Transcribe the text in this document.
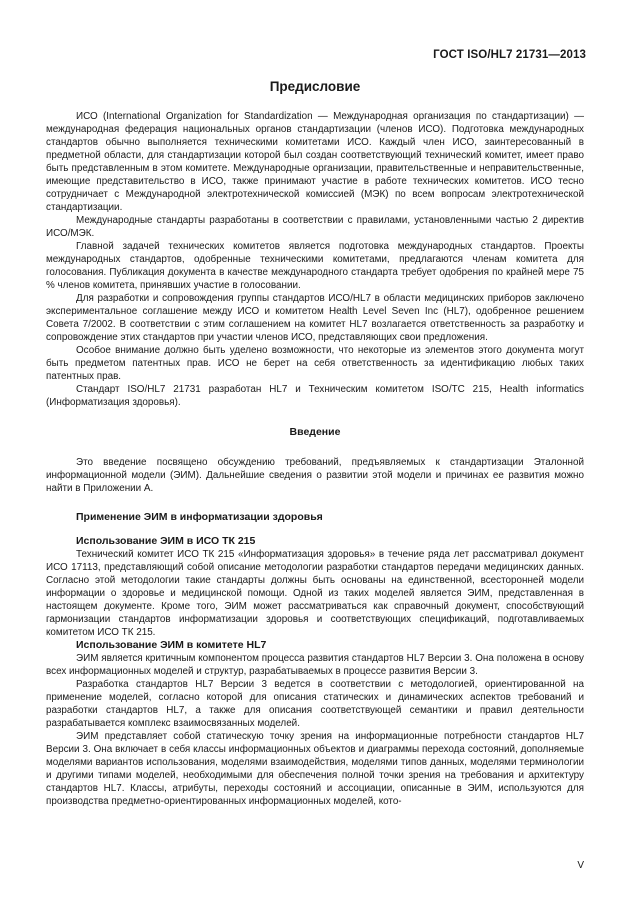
ГОСТ ISO/HL7 21731—2013
Предисловие

ИСО (International Organization for Standardization — Международная организация по стандартизации) — международная федерация национальных органов стандартизации (членов ИСО). Подготовка международных стандартов обычно выполняется техническими комитетами ИСО. Каждый член ИСО, заинтересованный в предметной области, для стандартизации которой был создан соответствующий технический комитет, имеет право быть представленным в этом комитете. Международные организации, правительственные и неправительственные, имеющие представительство в ИСО, также принимают участие в работе технических комитетов. ИСО тесно сотрудничает с Международной электротехнической комиссией (МЭК) по всем вопросам электротехнической стандартизации.

Международные стандарты разработаны в соответствии с правилами, установленными частью 2 директив ИСО/МЭК.

Главной задачей технических комитетов является подготовка международных стандартов. Проекты международных стандартов, одобренные техническими комитетами, предлагаются членам комитета для голосования. Публикация документа в качестве международного стандарта требует одобрения по крайней мере 75 % членов комитета, принявших участие в голосовании.

Для разработки и сопровождения группы стандартов ИСО/HL7 в области медицинских приборов заключено экспериментальное соглашение между ИСО и комитетом Health Level Seven Inc (HL7), одобренное решением Совета 7/2002. В соответствии с этим соглашением на комитет HL7 возлагается ответственность за разработку и сопровождение этих стандартов при участии членов ИСО, представляющих свои предложения.

Особое внимание должно быть уделено возможности, что некоторые из элементов этого документа могут быть предметом патентных прав. ИСО не берет на себя ответственность за идентификацию любых таких патентных прав.

Стандарт ISO/HL7 21731 разработан HL7 и Техническим комитетом ISO/TC 215, Health informatics (Информатизация здоровья).

Введение

Это введение посвящено обсуждению требований, предъявляемых к стандартизации Эталонной информационной модели (ЭИМ). Дальнейшие сведения о развитии этой модели и причинах ее развития можно найти в Приложении А.

Применение ЭИМ в информатизации здоровья
Использование ЭИМ в ИСО ТК 215

Технический комитет ИСО ТК 215 «Информатизация здоровья» в течение ряда лет рассматривал документ ИСО 17113, представляющий собой описание методологии разработки стандартов передачи медицинских данных. Согласно этой методологии такие стандарты должны быть основаны на единственной, всесторонней модели информации о здоровье и медицинской помощи. Одной из таких моделей является ЭИМ, представленная в настоящем документе. Кроме того, ЭИМ может рассматриваться как справочный документ, способствующий гармонизации стандартов информатизации здоровья и соответствующих спецификаций, подготавливаемых комитетом ИСО ТК 215.

Использование ЭИМ в комитете HL7

ЭИМ является критичным компонентом процесса развития стандартов HL7 Версии 3. Она положена в основу всех информационных моделей и структур, разрабатываемых в процессе развития Версии 3.

Разработка стандартов HL7 Версии 3 ведется в соответствии с методологией, ориентированной на применение моделей, согласно которой для описания статических и динамических аспектов требований и разработки стандартов HL7, а также для описания соответствующей семантики и правил деятельности разрабатывается комплекс взаимосвязанных моделей.

ЭИМ представляет собой статическую точку зрения на информационные потребности стандартов HL7 Версии 3. Она включает в себя классы информационных объектов и диаграммы перехода состояний, дополняемые моделями вариантов использования, моделями взаимодействия, моделями типов данных, моделями терминологии и другими типами моделей, необходимыми для обеспечения полной точки зрения на требования и архитектуру стандартов HL7. Классы, атрибуты, переходы состояний и ассоциации, описанные в ЭИМ, используются для производства предметно-ориентированных информационных моделей, кото-

V
